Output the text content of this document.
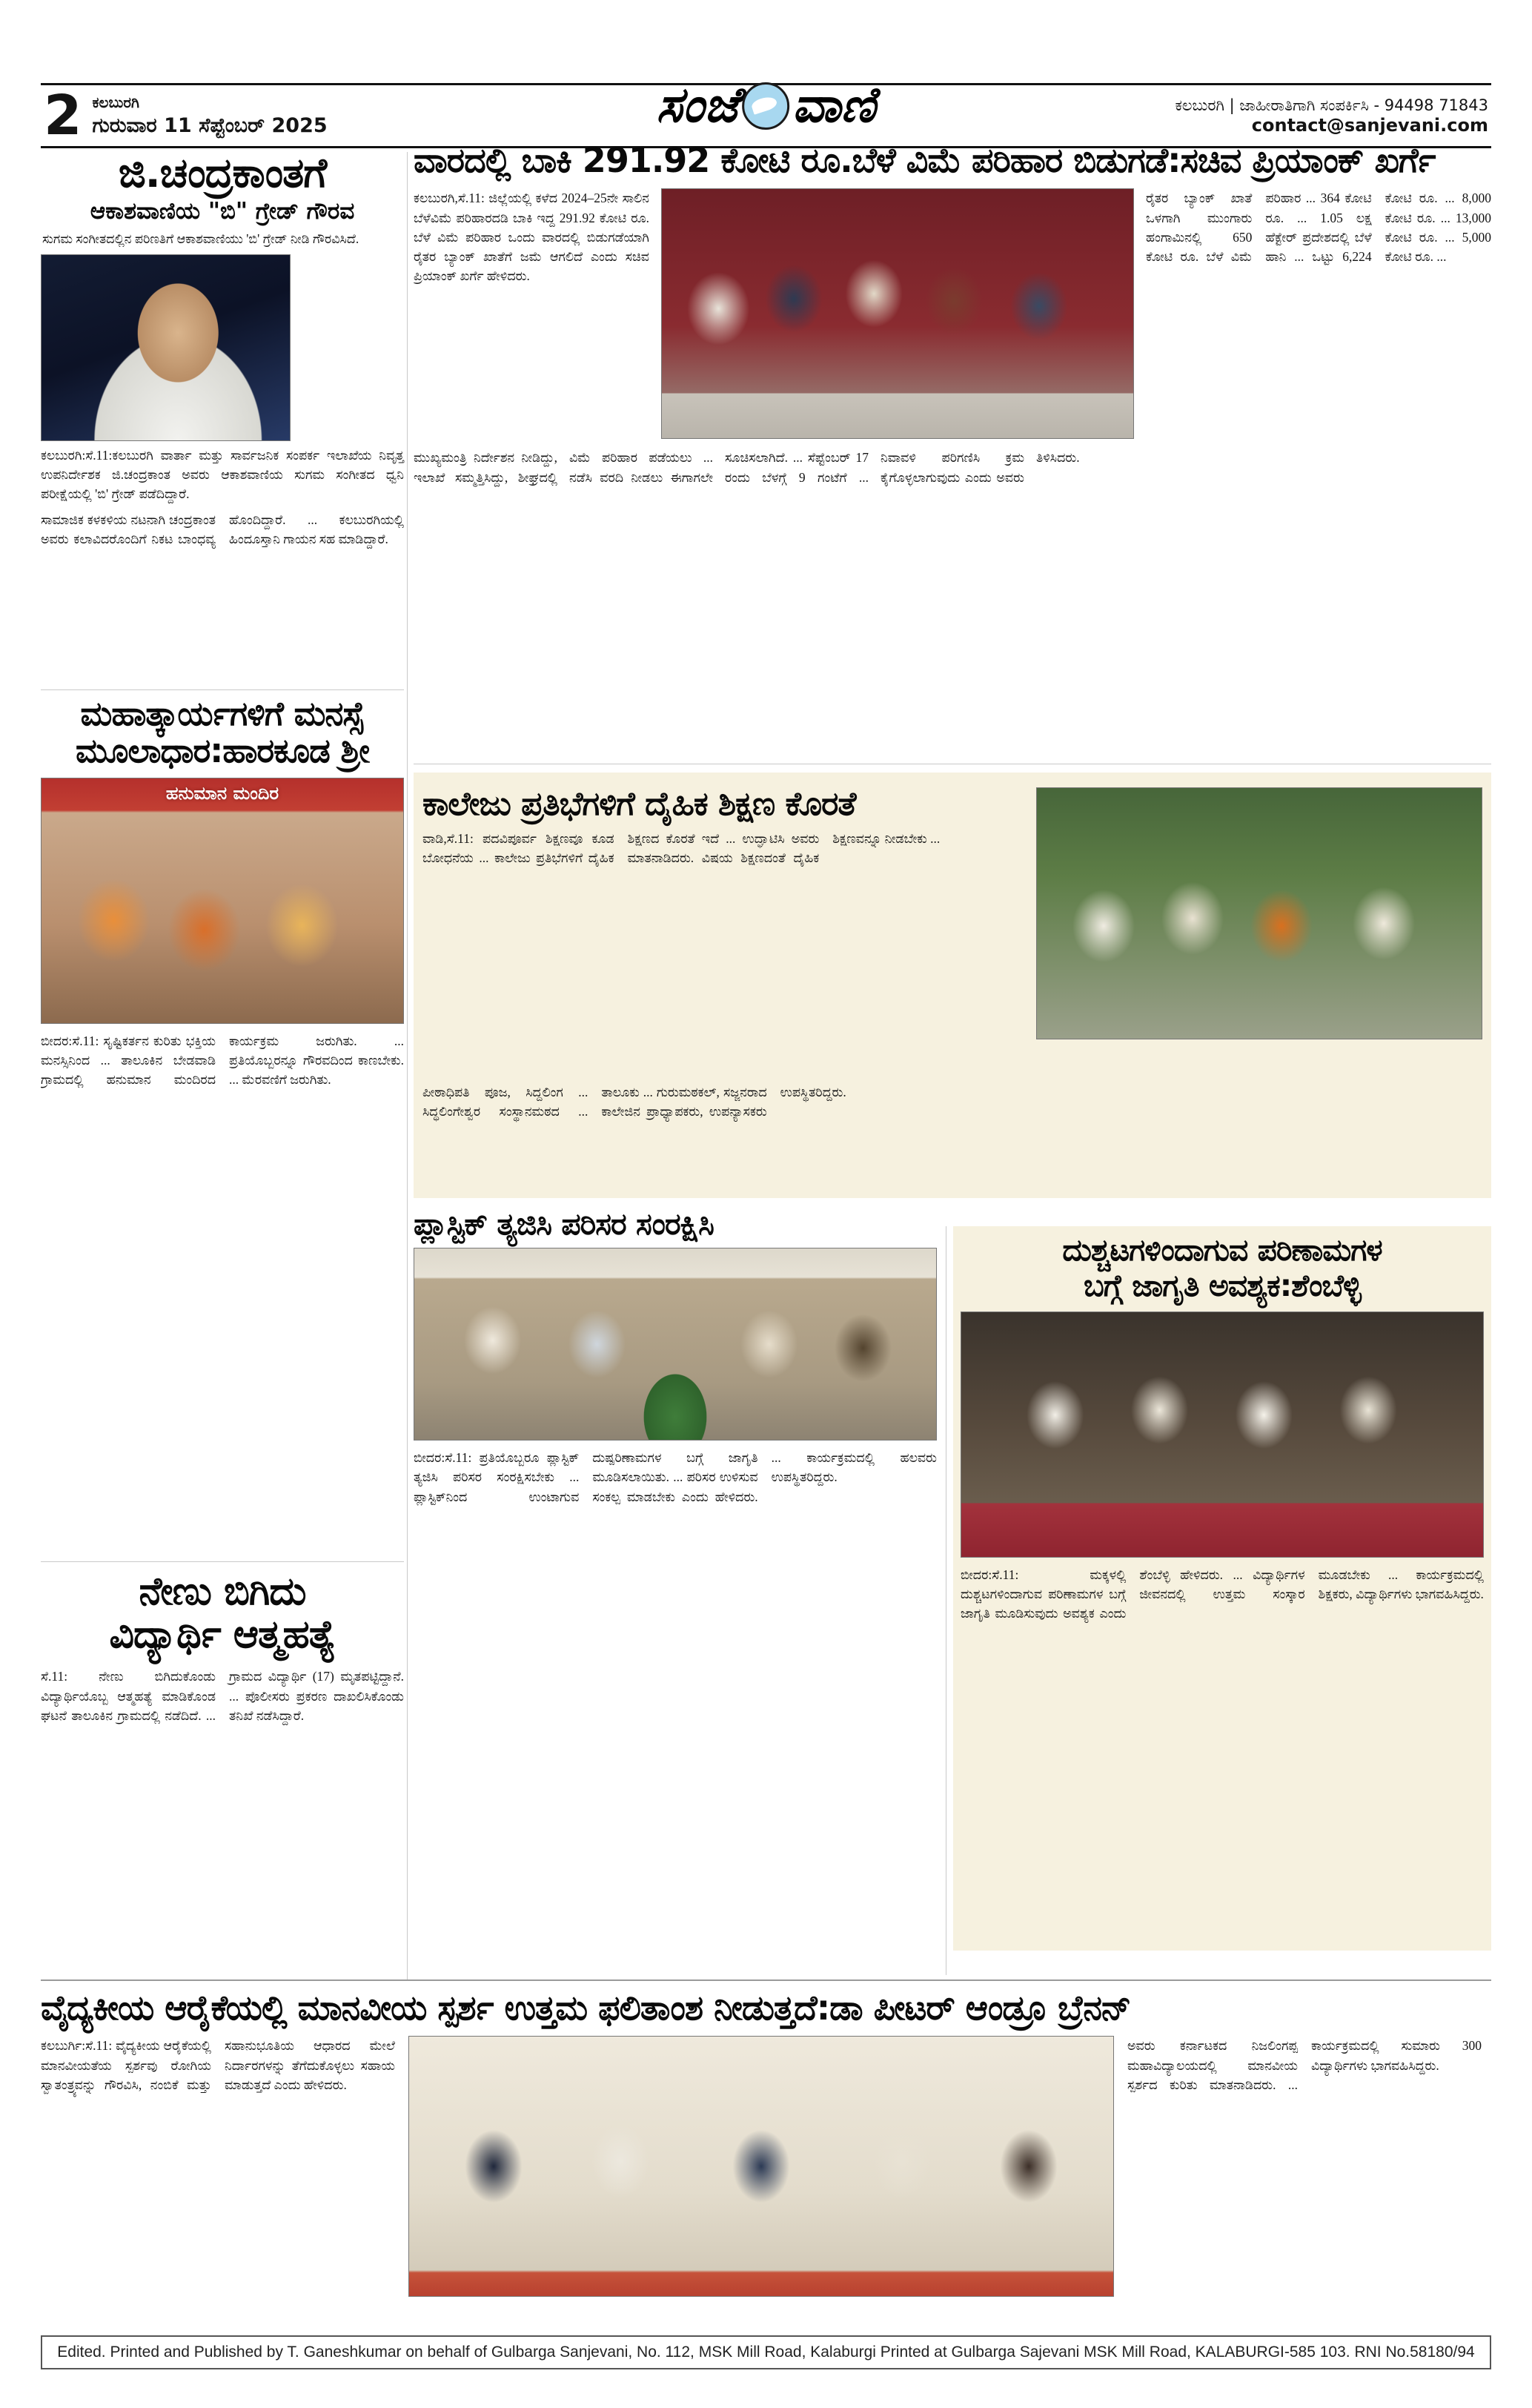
2 ಕಲಬುರಗಿ
ಗುರುವಾರ 11 ಸೆಪ್ಟೆಂಬರ್ 2025	ಸಂಜೆ ವಾಣಿ	ಕಲಬುರಗಿ | ಜಾಹೀರಾತಿಗಾಗಿ ಸಂಪರ್ಕಿಸಿ - 94498 71843
contact@sanjevani.com
ಜಿ.ಚಂದ್ರಕಾಂತಗೆ
ಆಕಾಶವಾಣಿಯ "ಬಿ" ಗ್ರೇಡ್ ಗೌರವ
ಸುಗಮ ಸಂಗೀತದಲ್ಲಿನ ಪರಿಣತಿಗೆ ಆಕಾಶವಾಣಿಯು 'ಬಿ' ಗ್ರೇಡ್ ನೀಡಿ ಗೌರವಿಸಿದೆ.
ಕಲಬುರಗಿ:ಸೆ.11:ಕಲಬುರಗಿ ವಾರ್ತಾ ಮತ್ತು ಸಾರ್ವಜನಿಕ ಸಂಪರ್ಕ ಇಲಾಖೆಯ ನಿವೃತ್ತ ಉಪನಿರ್ದೇಶಕ ಜಿ.ಚಂದ್ರಕಾಂತ ಅವರು ಆಕಾಶವಾಣಿಯ ಸುಗಮ ಸಂಗೀತದ ಧ್ವನಿ ಪರೀಕ್ಷೆಯಲ್ಲಿ 'ಬಿ' ಗ್ರೇಡ್ ಪಡೆದಿದ್ದಾರೆ.
ಸಾಮಾಜಿಕ ಕಳಕಳಿಯ ನಟನಾಗಿ ಚಂದ್ರಕಾಂತ ಅವರು ಕಲಾವಿದರೊಂದಿಗೆ ನಿಕಟ ಬಾಂಧವ್ಯ ಹೊಂದಿದ್ದಾರೆ. ... ಕಲಬುರಗಿಯಲ್ಲಿ ಹಿಂದೂಸ್ತಾನಿ ಗಾಯನ ಸಹ ಮಾಡಿದ್ದಾರೆ.
ವಾರದಲ್ಲಿ ಬಾಕಿ 291.92 ಕೋಟಿ ರೂ.ಬೆಳೆ ವಿಮೆ ಪರಿಹಾರ ಬಿಡುಗಡೆ:ಸಚಿವ ಪ್ರಿಯಾಂಕ್ ಖರ್ಗೆ
ಕಲಬುರಗಿ,ಸೆ.11: ಜಿಲ್ಲೆಯಲ್ಲಿ ಕಳೆದ 2024–25ನೇ ಸಾಲಿನ ಬೆಳೆವಿಮೆ ಪರಿಹಾರದಡಿ ಬಾಕಿ ಇದ್ದ 291.92 ಕೋಟಿ ರೂ. ಬೆಳೆ ವಿಮೆ ಪರಿಹಾರ ಒಂದು ವಾರದಲ್ಲಿ ಬಿಡುಗಡೆಯಾಗಿ ರೈತರ ಬ್ಯಾಂಕ್ ಖಾತೆಗೆ ಜಮೆ ಆಗಲಿದೆ ಎಂದು ಸಚಿವ ಪ್ರಿಯಾಂಕ್ ಖರ್ಗೆ ಹೇಳಿದರು.
ರೈತರ ಬ್ಯಾಂಕ್ ಖಾತೆ ಒಳಗಾಗಿ ಮುಂಗಾರು ಹಂಗಾಮಿನಲ್ಲಿ 650 ಕೋಟಿ ರೂ. ಬೆಳೆ ವಿಮೆ ಪರಿಹಾರ ... 364 ಕೋಟಿ ರೂ. ... 1.05 ಲಕ್ಷ ಹೆಕ್ಟೇರ್ ಪ್ರದೇಶದಲ್ಲಿ ಬೆಳೆ ಹಾನಿ ... ಒಟ್ಟು 6,224 ಕೋಟಿ ರೂ. ... 8,000 ಕೋಟಿ ರೂ. ... 13,000 ಕೋಟಿ ರೂ. ... 5,000 ಕೋಟಿ ರೂ. ...
ಮುಖ್ಯಮಂತ್ರಿ ನಿರ್ದೇಶನ ನೀಡಿದ್ದು, ಇಲಾಖೆ ಸಮ್ಮತ್ತಿಸಿದ್ದು, ಶೀಘ್ರದಲ್ಲಿ ವಿಮೆ ಪರಿಹಾರ ಪಡೆಯಲು ... ನಡೆಸಿ ವರದಿ ನೀಡಲು ಈಗಾಗಲೇ ಸೂಚಿಸಲಾಗಿದೆ. ... ಸೆಪ್ಟೆಂಬರ್ 17 ರಂದು ಬೆಳಗ್ಗೆ 9 ಗಂಟೆಗೆ ... ನಿವಾವಳಿ ಪರಿಗಣಿಸಿ ಕ್ರಮ ಕೈಗೊಳ್ಳಲಾಗುವುದು ಎಂದು ಅವರು ತಿಳಿಸಿದರು.
ಮಹಾತ್ಕಾರ್ಯಗಳಿಗೆ ಮನಸ್ಸೆ
ಮೂಲಾಧಾರ:ಹಾರಕೂಡ ಶ್ರೀ
ಹನುಮಾನ ಮಂದಿರ
ಬೀದರ:ಸೆ.11: ಸೃಷ್ಟಿಕರ್ತನ ಕುರಿತು ಭಕ್ತಿಯ ಮನಸ್ಸಿನಿಂದ ... ತಾಲೂಕಿನ ಬೇಡವಾಡಿ ಗ್ರಾಮದಲ್ಲಿ ಹನುಮಾನ ಮಂದಿರದ ಕಾರ್ಯಕ್ರಮ ಜರುಗಿತು. ... ಪ್ರತಿಯೊಬ್ಬರನ್ನೂ ಗೌರವದಿಂದ ಕಾಣಬೇಕು. ... ಮೆರವಣಿಗೆ ಜರುಗಿತು.
ನೇಣು ಬಿಗಿದು
ವಿದ್ಯಾರ್ಥಿ ಆತ್ಮಹತ್ಯೆ
ಸೆ.11: ನೇಣು ಬಿಗಿದುಕೊಂಡು ವಿದ್ಯಾರ್ಥಿಯೊಬ್ಬ ಆತ್ಮಹತ್ಯೆ ಮಾಡಿಕೊಂಡ ಘಟನೆ ತಾಲೂಕಿನ ಗ್ರಾಮದಲ್ಲಿ ನಡೆದಿದೆ. ... ಗ್ರಾಮದ ವಿದ್ಯಾರ್ಥಿ (17) ಮೃತಪಟ್ಟಿದ್ದಾನೆ. ... ಪೊಲೀಸರು ಪ್ರಕರಣ ದಾಖಲಿಸಿಕೊಂಡು ತನಿಖೆ ನಡೆಸಿದ್ದಾರೆ.
ಕಾಲೇಜು ಪ್ರತಿಭೆಗಳಿಗೆ ದೈಹಿಕ ಶಿಕ್ಷಣ ಕೊರತೆ
ವಾಡಿ,ಸೆ.11: ಪದವಿಪೂರ್ವ ಶಿಕ್ಷಣವೂ ಕೂಡ ಬೋಧನೆಯ ... ಕಾಲೇಜು ಪ್ರತಿಭೆಗಳಿಗೆ ದೈಹಿಕ ಶಿಕ್ಷಣದ ಕೊರತೆ ಇದೆ ... ಉದ್ಘಾಟಿಸಿ ಅವರು ಮಾತನಾಡಿದರು. ವಿಷಯ ಶಿಕ್ಷಣದಂತೆ ದೈಹಿಕ ಶಿಕ್ಷಣವನ್ನೂ ನೀಡಬೇಕು ...
ಪೀಠಾಧಿಪತಿ ಪೂಜ, ಸಿದ್ದಲಿಂಗ ... ಸಿದ್ಧಲಿಂಗೇಶ್ವರ ಸಂಸ್ಥಾನಮಠದ ... ತಾಲೂಕು ... ಗುರುಮಠಕಲ್, ಸಜ್ಜನರಾದ ಕಾಲೇಜಿನ ಪ್ರಾಧ್ಯಾಪಕರು, ಉಪನ್ಯಾಸಕರು ಉಪಸ್ಥಿತರಿದ್ದರು.
ಪ್ಲಾಸ್ಟಿಕ್ ತ್ಯಜಿಸಿ ಪರಿಸರ ಸಂರಕ್ಷಿಸಿ
ಬೀದರ:ಸೆ.11: ಪ್ರತಿಯೊಬ್ಬರೂ ಪ್ಲಾಸ್ಟಿಕ್ ತ್ಯಜಿಸಿ ಪರಿಸರ ಸಂರಕ್ಷಿಸಬೇಕು ... ಪ್ಲಾಸ್ಟಿಕ್‌ನಿಂದ ಉಂಟಾಗುವ ದುಷ್ಪರಿಣಾಮಗಳ ಬಗ್ಗೆ ಜಾಗೃತಿ ಮೂಡಿಸಲಾಯಿತು. ... ಪರಿಸರ ಉಳಿಸುವ ಸಂಕಲ್ಪ ಮಾಡಬೇಕು ಎಂದು ಹೇಳಿದರು. ... ಕಾರ್ಯಕ್ರಮದಲ್ಲಿ ಹಲವರು ಉಪಸ್ಥಿತರಿದ್ದರು.
ದುಶ್ಚಟಗಳಿಂದಾಗುವ ಪರಿಣಾಮಗಳ
ಬಗ್ಗೆ ಜಾಗೃತಿ ಅವಶ್ಯಕ:ಶೆಂಬೆಳ್ಳಿ
ಬೀದರ:ಸೆ.11: ಮಕ್ಕಳಲ್ಲಿ ದುಶ್ಚಟಗಳಿಂದಾಗುವ ಪರಿಣಾಮಗಳ ಬಗ್ಗೆ ಜಾಗೃತಿ ಮೂಡಿಸುವುದು ಅವಶ್ಯಕ ಎಂದು ಶೆಂಬೆಳ್ಳಿ ಹೇಳಿದರು. ... ವಿದ್ಯಾರ್ಥಿಗಳ ಜೀವನದಲ್ಲಿ ಉತ್ತಮ ಸಂಸ್ಕಾರ ಮೂಡಬೇಕು ... ಕಾರ್ಯಕ್ರಮದಲ್ಲಿ ಶಿಕ್ಷಕರು, ವಿದ್ಯಾರ್ಥಿಗಳು ಭಾಗವಹಿಸಿದ್ದರು.
ವೈದ್ಯಕೀಯ ಆರೈಕೆಯಲ್ಲಿ ಮಾನವೀಯ ಸ್ಪರ್ಶ ಉತ್ತಮ ಫಲಿತಾಂಶ ನೀಡುತ್ತದೆ:ಡಾ ಪೀಟರ್ ಆಂಡ್ರೂ ಬ್ರೆನನ್
ಕಲಬುರ್ಗಿ:ಸೆ.11: ವೈದ್ಯಕೀಯ ಆರೈಕೆಯಲ್ಲಿ ಮಾನವೀಯತೆಯ ಸ್ಪರ್ಶವು ರೋಗಿಯ ಸ್ವಾತಂತ್ರ್ಯವನ್ನು ಗೌರವಿಸಿ, ನಂಬಿಕೆ ಮತ್ತು ಸಹಾನುಭೂತಿಯ ಆಧಾರದ ಮೇಲೆ ನಿರ್ದಾರಗಳನ್ನು ತೆಗೆದುಕೊಳ್ಳಲು ಸಹಾಯ ಮಾಡುತ್ತದೆ ಎಂದು ಹೇಳಿದರು.
ಅವರು ಕರ್ನಾಟಕದ ನಿಜಲಿಂಗಪ್ಪ ಮಹಾವಿದ್ಯಾಲಯದಲ್ಲಿ ಮಾನವೀಯ ಸ್ಪರ್ಶದ ಕುರಿತು ಮಾತನಾಡಿದರು. ... ಕಾರ್ಯಕ್ರಮದಲ್ಲಿ ಸುಮಾರು 300 ವಿದ್ಯಾರ್ಥಿಗಳು ಭಾಗವಹಿಸಿದ್ದರು.
Edited. Printed and Published by T. Ganeshkumar on behalf of Gulbarga Sanjevani, No. 112, MSK Mill Road, Kalaburgi Printed at Gulbarga Sajevani MSK Mill Road, KALABURGI-585 103. RNI No.58180/94
